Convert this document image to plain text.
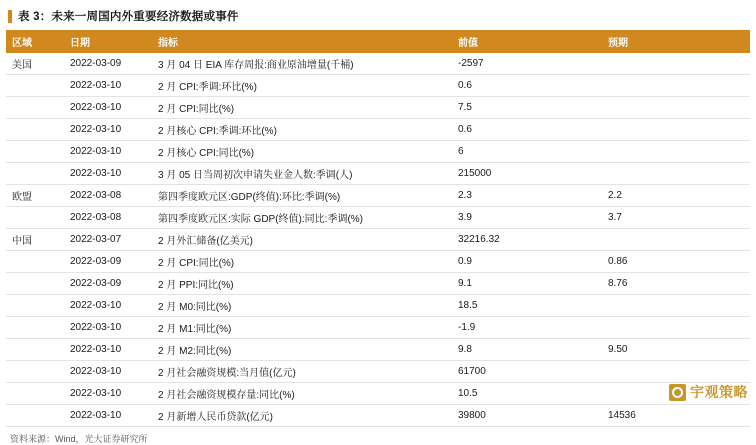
表 3：未来一周国内外重要经济数据或事件
区域	日期	指标	前值	预期
美国	2022-03-09	3 月 04 日 EIA 库存周报:商业原油增量(千桶)	-2597	
	2022-03-10	2 月 CPI:季调:环比(%)	0.6	
	2022-03-10	2 月 CPI:同比(%)	7.5	
	2022-03-10	2 月核心 CPI:季调:环比(%)	0.6	
	2022-03-10	2 月核心 CPI:同比(%)	6	
	2022-03-10	3 月 05 日当周初次申请失业金人数:季调(人)	215000	
欧盟	2022-03-08	第四季度欧元区:GDP(终值):环比:季调(%)	2.3	2.2
	2022-03-08	第四季度欧元区:实际 GDP(终值):同比:季调(%)	3.9	3.7
中国	2022-03-07	2 月外汇储备(亿美元)	32216.32	
	2022-03-09	2 月 CPI:同比(%)	0.9	0.86
	2022-03-09	2 月 PPI:同比(%)	9.1	8.76
	2022-03-10	2 月 M0:同比(%)	18.5	
	2022-03-10	2 月 M1:同比(%)	-1.9	
	2022-03-10	2 月 M2:同比(%)	9.8	9.50
	2022-03-10	2 月社会融资规模:当月值(亿元)	61700	
	2022-03-10	2 月社会融资规模存量:同比(%)	10.5	
	2022-03-10	2 月新增人民币贷款(亿元)	39800	14536
资料来源：Wind，光大证券研究所
宇观策略
